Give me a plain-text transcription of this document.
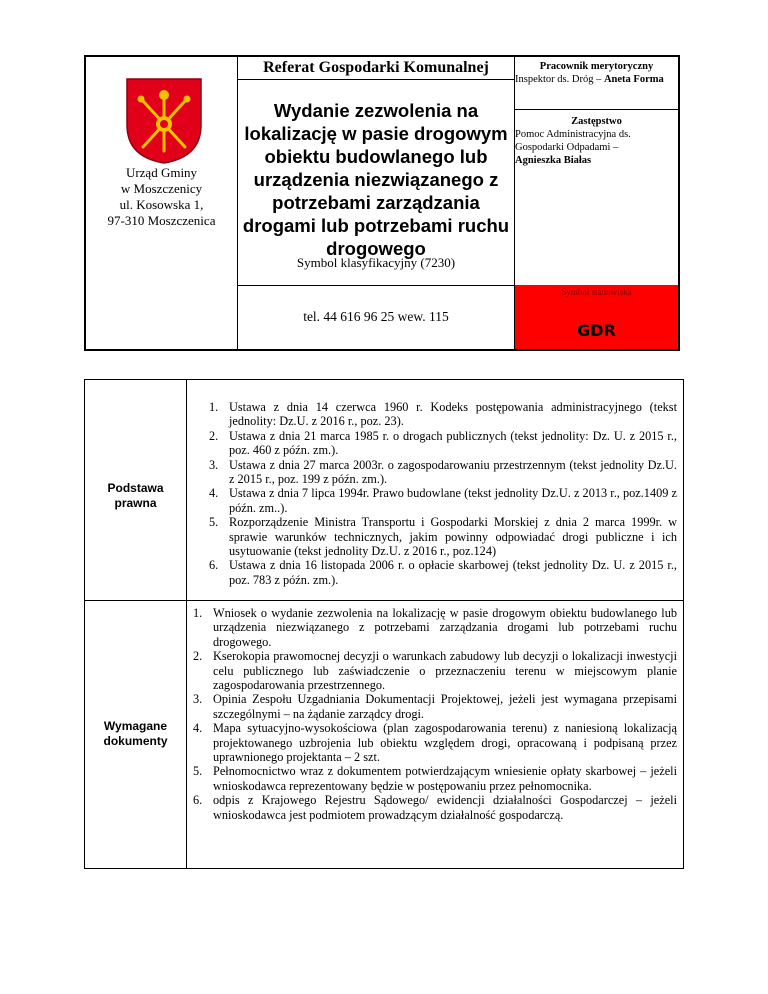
Urząd Gminy
w Moszczenicy
ul. Kosowska 1,
97-310 Moszczenica
Referat Gospodarki Komunalnej
Wydanie zezwolenia na lokalizację w pasie drogowym obiektu budowlanego lub urządzenia niezwiązanego z potrzebami zarządzania drogami lub potrzebami ruchu drogowego
Symbol klasyfikacyjny (7230)
tel. 44 616 96 25 wew. 115
Pracownik merytoryczny
Inspektor ds. Dróg – Aneta Forma
Zastępstwo
Pomoc Administracyjna ds. Gospodarki Odpadami –
Agnieszka Białas
Symbol stanowiska
GDR
Podstawa prawna
1. Ustawa z dnia 14 czerwca 1960 r. Kodeks postępowania administracyjnego (tekst jednolity: Dz.U. z 2016 r., poz. 23).
2. Ustawa z dnia 21 marca 1985 r. o drogach publicznych (tekst jednolity: Dz. U. z 2015 r., poz. 460 z późn. zm.).
3. Ustawa z dnia 27 marca 2003r. o zagospodarowaniu przestrzennym (tekst jednolity Dz.U. z 2015 r., poz. 199 z późn. zm.).
4. Ustawa z dnia 7 lipca 1994r. Prawo budowlane (tekst jednolity Dz.U. z 2013 r., poz.1409 z późn. zm..).
5. Rozporządzenie Ministra Transportu i Gospodarki Morskiej z dnia 2 marca 1999r. w sprawie warunków technicznych, jakim powinny odpowiadać drogi publiczne i ich usytuowanie (tekst jednolity Dz.U. z 2016 r., poz.124)
6. Ustawa z dnia 16 listopada 2006 r. o opłacie skarbowej (tekst jednolity Dz. U. z 2015 r., poz. 783 z późn. zm.).
Wymagane dokumenty
1. Wniosek o wydanie zezwolenia na lokalizację w pasie drogowym obiektu budowlanego lub urządzenia niezwiązanego z potrzebami zarządzania drogami lub potrzebami ruchu drogowego.
2. Kserokopia prawomocnej decyzji o warunkach zabudowy lub decyzji o lokalizacji inwestycji celu publicznego lub zaświadczenie o przeznaczeniu terenu w miejscowym planie zagospodarowania przestrzennego.
3. Opinia Zespołu Uzgadniania Dokumentacji Projektowej, jeżeli jest wymagana przepisami szczególnymi – na żądanie zarządcy drogi.
4. Mapa sytuacyjno-wysokościowa (plan zagospodarowania terenu) z naniesioną lokalizacją projektowanego uzbrojenia lub obiektu względem drogi, opracowaną i podpisaną przez uprawnionego projektanta – 2 szt.
5. Pełnomocnictwo wraz z dokumentem potwierdzającym wniesienie opłaty skarbowej – jeżeli wnioskodawca reprezentowany będzie w postępowaniu przez pełnomocnika.
6. odpis z Krajowego Rejestru Sądowego/ ewidencji działalności Gospodarczej – jeżeli wnioskodawca jest podmiotem prowadzącym działalność gospodarczą.
